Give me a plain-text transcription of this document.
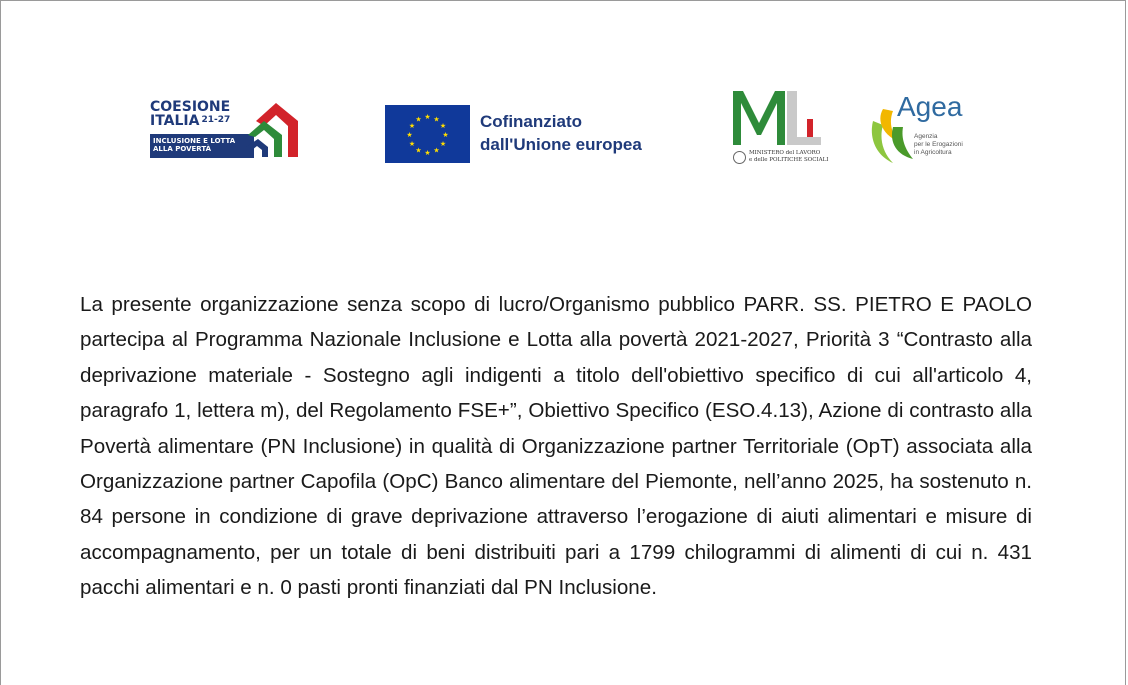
COESIONE
ITALIA $^{21-27}$
INCLUSIONE E LOTTA
ALLA POVERTÀ
★ ★
★
★
★
★
★
★
★
★
★
★	Cofinanziato
dall'Unione europea	MINISTERO del LAVORO
e delle POLITICHE SOCIALI
Agea
Agenzia
per le Erogazioni
in Agricoltura

La presente organizzazione senza scopo di lucro/Organismo pubblico PARR. SS. PIETRO E PAOLO partecipa al Programma Nazionale Inclusione e Lotta alla povertà 2021-2027, Priorità 3 “Contrasto alla deprivazione materiale - Sostegno agli indigenti a titolo dell'obiettivo specifico di cui all'articolo 4, paragrafo 1, lettera m), del Regolamento FSE+”, Obiettivo Specifico (ESO.4.13), Azione di contrasto alla Povertà alimentare (PN Inclusione) in qualità di Organizzazione partner Territoriale (OpT) associata alla Organizzazione partner Capofila (OpC) Banco alimentare del Piemonte, nell’anno 2025, ha sostenuto n. 84 persone in condizione di grave deprivazione attraverso l’erogazione di aiuti alimentari e misure di accompagnamento, per un totale di beni distribuiti pari a 1799 chilogrammi di alimenti di cui n. 431 pacchi alimentari e n. 0 pasti pronti finanziati dal PN Inclusione.
